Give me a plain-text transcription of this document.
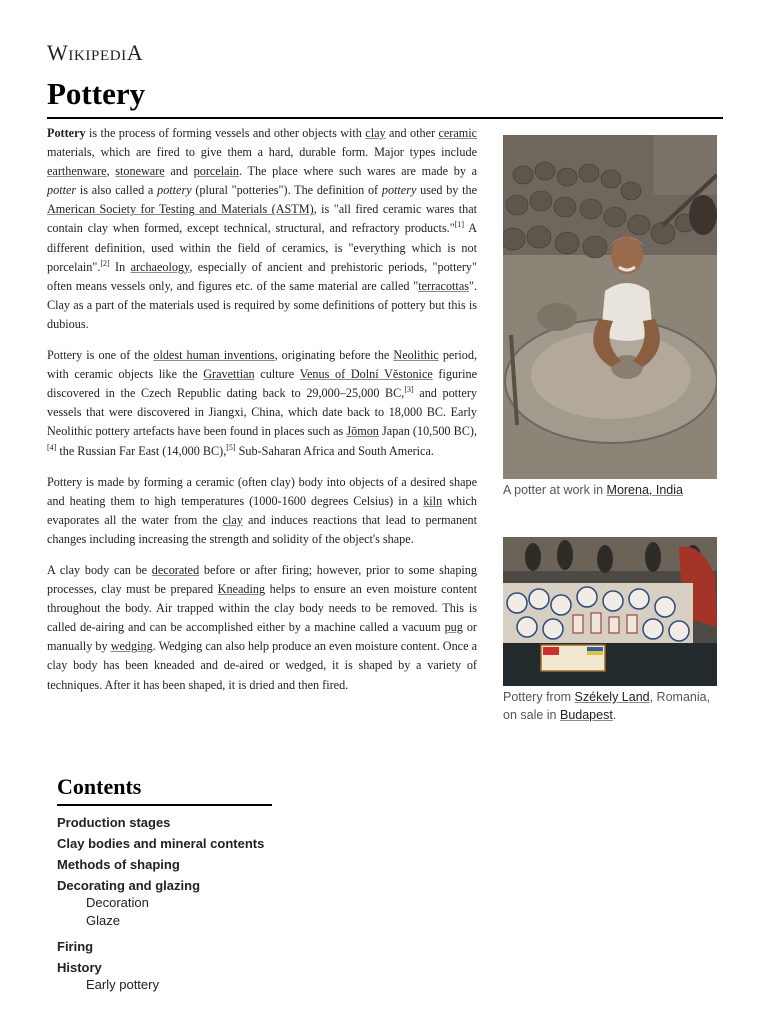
WikipediA
Pottery

Pottery is the process of forming vessels and other objects with clay and other ceramic materials, which are fired to give them a hard, durable form. Major types include earthenware, stoneware and porcelain. The place where such wares are made by a potter is also called a pottery (plural "potteries"). The definition of pottery used by the American Society for Testing and Materials (ASTM), is "all fired ceramic wares that contain clay when formed, except technical, structural, and refractory products."[1] A different definition, used within the field of ceramics, is "everything which is not porcelain".[2] In archaeology, especially of ancient and prehistoric periods, "pottery" often means vessels only, and figures etc. of the same material are called "terracottas". Clay as a part of the materials used is required by some definitions of pottery but this is dubious.

Pottery is one of the oldest human inventions, originating before the Neolithic period, with ceramic objects like the Gravettian culture Venus of Dolní Věstonice figurine discovered in the Czech Republic dating back to 29,000–25,000 BC,[3] and pottery vessels that were discovered in Jiangxi, China, which date back to 18,000 BC. Early Neolithic pottery artefacts have been found in places such as Jōmon Japan (10,500 BC),[4] the Russian Far East (14,000 BC),[5] Sub-Saharan Africa and South America.

Pottery is made by forming a ceramic (often clay) body into objects of a desired shape and heating them to high temperatures (1000-1600 degrees Celsius) in a kiln which evaporates all the water from the clay and induces reactions that lead to permanent changes including increasing the strength and solidity of the object's shape.

A clay body can be decorated before or after firing; however, prior to some shaping processes, clay must be prepared Kneading helps to ensure an even moisture content throughout the body. Air trapped within the clay body needs to be removed. This is called de-airing and can be accomplished either by a machine called a vacuum pug or manually by wedging. Wedging can also help produce an even moisture content. Once a clay body has been kneaded and de-aired or wedged, it is shaped by a variety of techniques. After it has been shaped, it is dried and then fired.

A potter at work in Morena, India
Pottery from Székely Land, Romania, on sale in Budapest.
Contents
Production stages
Clay bodies and mineral contents
Methods of shaping
Decorating and glazing
Decoration
Glaze
Firing
History
Early pottery
